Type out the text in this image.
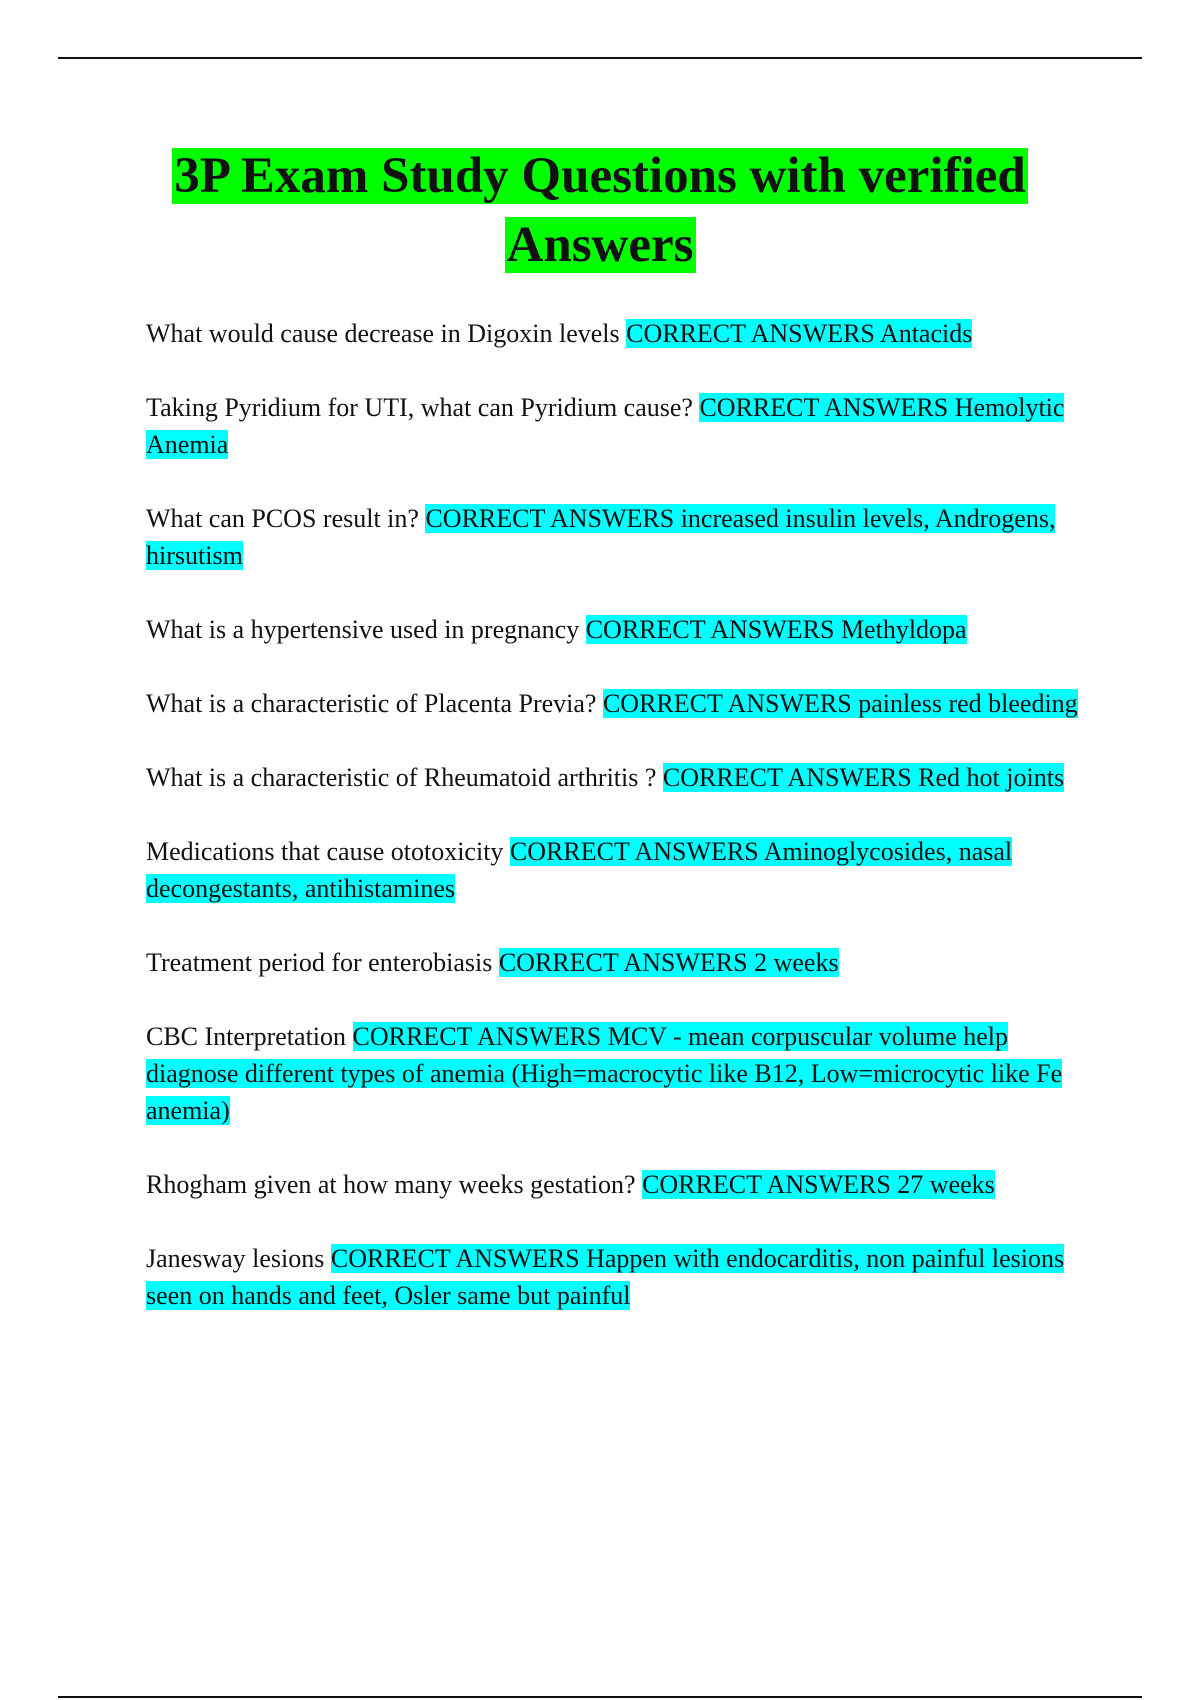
3P Exam Study Questions with verified
Answers
What would cause decrease in Digoxin levels CORRECT ANSWERS Antacids
Taking Pyridium for UTI, what can Pyridium cause? CORRECT ANSWERS Hemolytic Anemia
What can PCOS result in? CORRECT ANSWERS increased insulin levels, Androgens, hirsutism
What is a hypertensive used in pregnancy CORRECT ANSWERS Methyldopa
What is a characteristic of Placenta Previa? CORRECT ANSWERS painless red bleeding
What is a characteristic of Rheumatoid arthritis ? CORRECT ANSWERS Red hot joints
Medications that cause ototoxicity CORRECT ANSWERS Aminoglycosides, nasal decongestants, antihistamines
Treatment period for enterobiasis CORRECT ANSWERS 2 weeks
CBC Interpretation CORRECT ANSWERS MCV - mean corpuscular volume help diagnose different types of anemia (High=macrocytic like B12, Low=microcytic like Fe anemia)
Rhogham given at how many weeks gestation? CORRECT ANSWERS 27 weeks
Janesway lesions CORRECT ANSWERS Happen with endocarditis, non painful lesions seen on hands and feet, Osler same but painful
